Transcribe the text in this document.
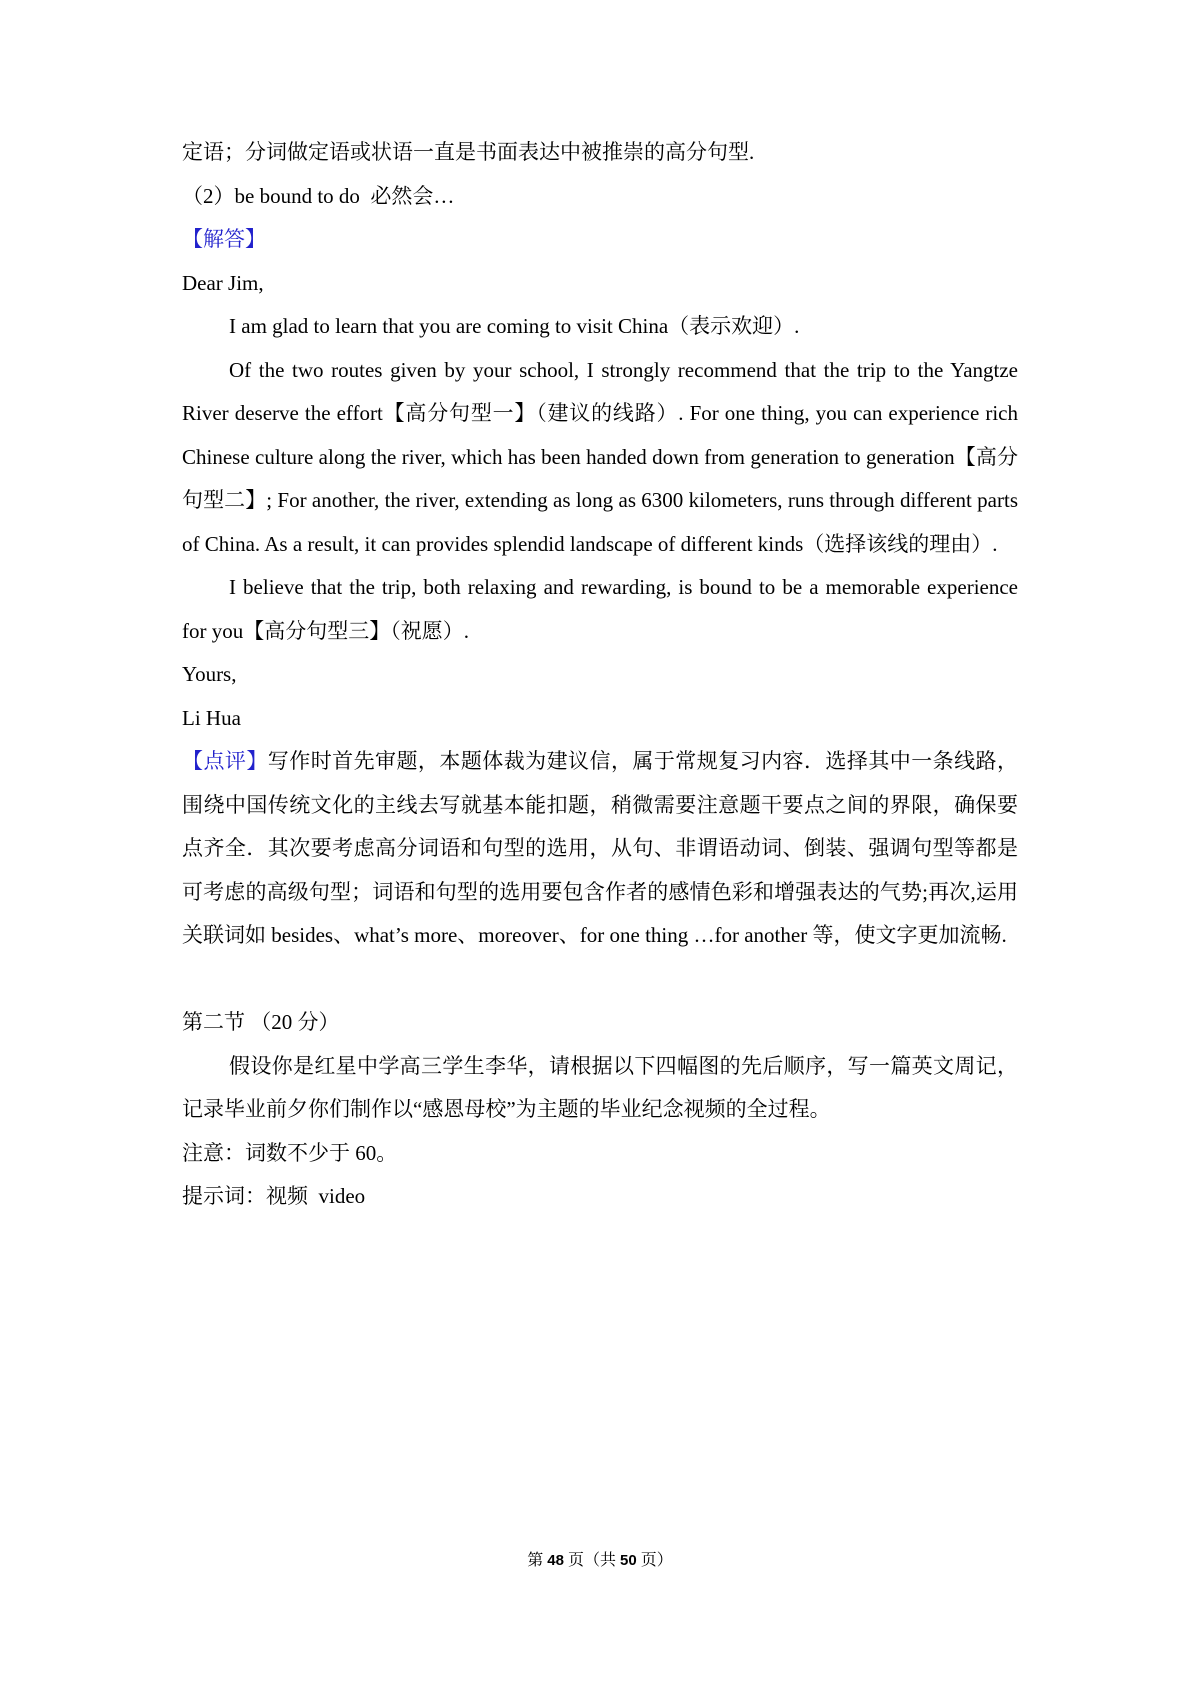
定语；分词做定语或状语一直是书面表达中被推崇的高分句型.

（2）be bound to do  必然会…

【解答】

Dear Jim,

I am glad to learn that you are coming to visit China（表示欢迎）.

Of the two routes given by your school, I strongly recommend that the trip to the Yangtze River deserve the effort【高分句型一】（建议的线路）. For one thing, you can experience rich Chinese culture along the river, which has been handed down from generation to generation【高分句型二】; For another, the river, extending as long as 6300 kilometers, runs through different parts of China. As a result, it can provides splendid landscape of different kinds（选择该线的理由）.

I believe that the trip, both relaxing and rewarding, is bound to be a memorable experience for you【高分句型三】（祝愿）.

Yours,

Li Hua

【点评】写作时首先审题，本题体裁为建议信，属于常规复习内容．选择其中一条线路，围绕中国传统文化的主线去写就基本能扣题，稍微需要注意题干要点之间的界限，确保要点齐全．其次要考虑高分词语和句型的选用，从句、非谓语动词、倒装、强调句型等都是可考虑的高级句型；词语和句型的选用要包含作者的感情色彩和增强表达的气势;再次,运用关联词如 besides、what’s more、moreover、for one thing …for another 等，使文字更加流畅.

第二节 （20 分）

假设你是红星中学高三学生李华，请根据以下四幅图的先后顺序，写一篇英文周记，记录毕业前夕你们制作以“感恩母校”为主题的毕业纪念视频的全过程。

注意：词数不少于 60。

提示词：视频  video

第 48 页（共 50 页）
